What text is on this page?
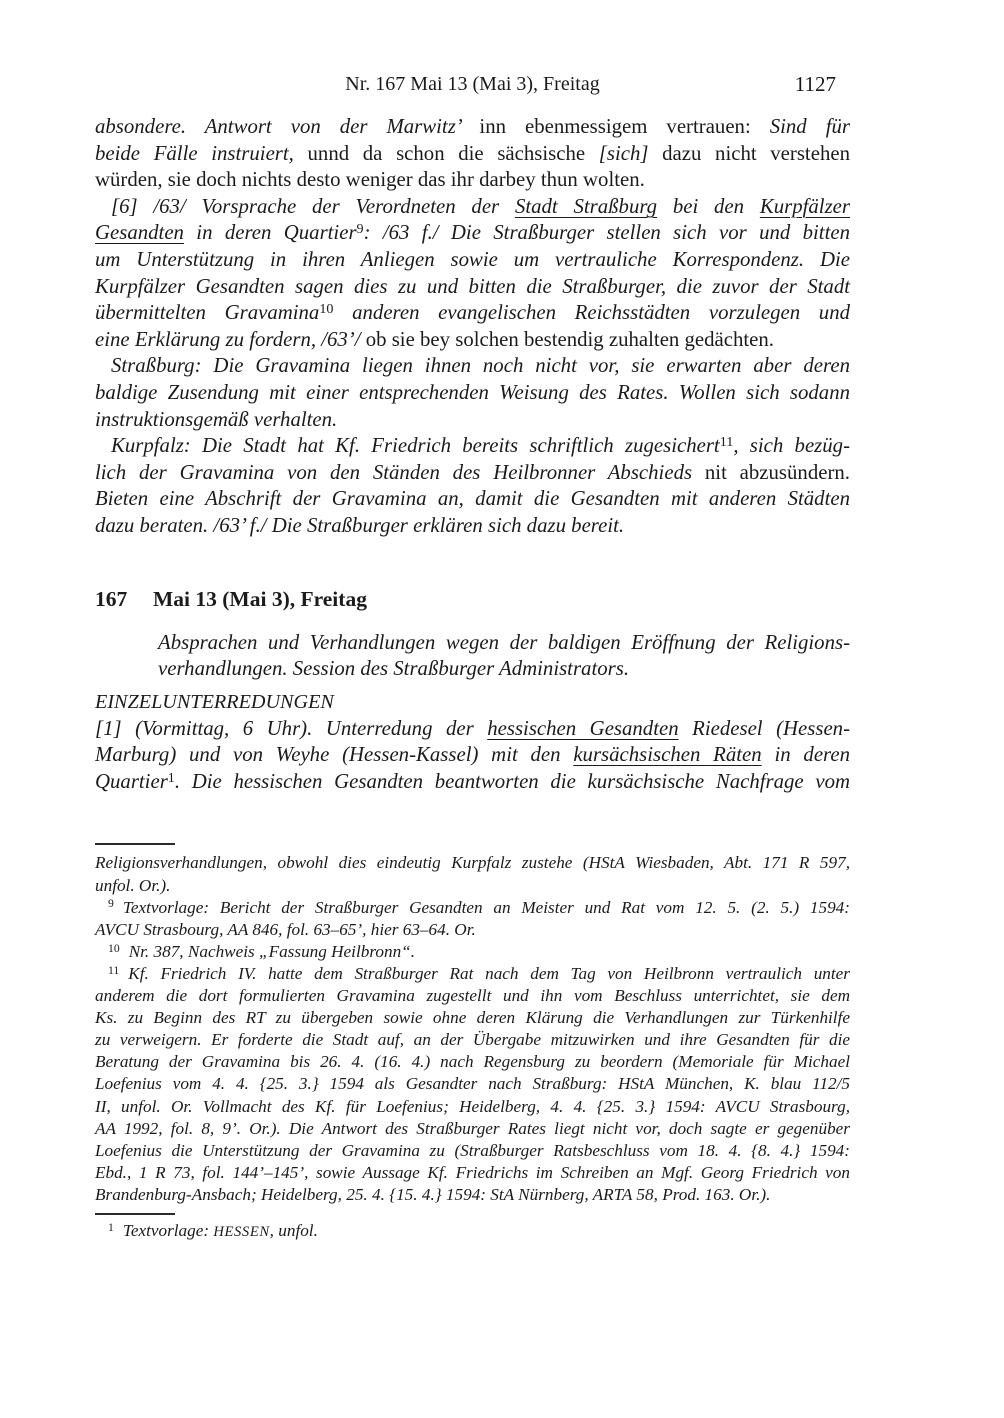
Nr. 167 Mai 13 (Mai 3), Freitag	1127
absondere. Antwort von der Marwitz’ inn ebenmessigem vertrauen: Sind für
beide Fälle instruiert, unnd da schon die sächsische [sich] dazu nicht verstehen
würden, sie doch nichts desto weniger das ihr darbey thun wolten.
[6] /63/ Vorsprache der Verordneten der Stadt Straßburg bei den Kurpfälzer
Gesandten in deren Quartier$^9$: /63 f./ Die Straßburger stellen sich vor und bitten
um Unterstützung in ihren Anliegen sowie um vertrauliche Korrespondenz. Die
Kurpfälzer Gesandten sagen dies zu und bitten die Straßburger, die zuvor der Stadt
übermittelten Gravamina$^{10}$ anderen evangelischen Reichsstädten vorzulegen und
eine Erklärung zu fordern, /63’/ ob sie bey solchen bestendig zuhalten gedächten.
Straßburg: Die Gravamina liegen ihnen noch nicht vor, sie erwarten aber deren
baldige Zusendung mit einer entsprechenden Weisung des Rates. Wollen sich sodann
instruktionsgemäß verhalten.
Kurpfalz: Die Stadt hat Kf. Friedrich bereits schriftlich zugesichert$^{11}$, sich bezüg-
lich der Gravamina von den Ständen des Heilbronner Abschieds nit abzusündern.
Bieten eine Abschrift der Gravamina an, damit die Gesandten mit anderen Städten
dazu beraten. /63’ f./ Die Straßburger erklären sich dazu bereit.
167 Mai 13 (Mai 3), Freitag
Absprachen und Verhandlungen wegen der baldigen Eröffnung der Religions-
verhandlungen. Session des Straßburger Administrators.
EINZELUNTERREDUNGEN
[1] (Vormittag, 6 Uhr). Unterredung der hessischen Gesandten Riedesel (Hessen-
Marburg) und von Weyhe (Hessen-Kassel) mit den kursächsischen Räten in deren
Quartier$^1$. Die hessischen Gesandten beantworten die kursächsische Nachfrage vom
Religionsverhandlungen, obwohl dies eindeutig Kurpfalz zustehe (HStA Wiesbaden, Abt. 171 R 597,
unfol. Or.).
$^9$ Textvorlage: Bericht der Straßburger Gesandten an Meister und Rat vom 12. 5. (2. 5.) 1594:
AVCU Strasbourg, AA 846, fol. 63–65’, hier 63–64. Or.
$^{10}$ Nr. 387, Nachweis „Fassung Heilbronn“.
$^{11}$ Kf. Friedrich IV. hatte dem Straßburger Rat nach dem Tag von Heilbronn vertraulich unter
anderem die dort formulierten Gravamina zugestellt und ihn vom Beschluss unterrichtet, sie dem
Ks. zu Beginn des RT zu übergeben sowie ohne deren Klärung die Verhandlungen zur Türkenhilfe
zu verweigern. Er forderte die Stadt auf, an der Übergabe mitzuwirken und ihre Gesandten für die
Beratung der Gravamina bis 26. 4. (16. 4.) nach Regensburg zu beordern (Memoriale für Michael
Loefenius vom 4. 4. {25. 3.} 1594 als Gesandter nach Straßburg: HStA München, K. blau 112/5
II, unfol. Or. Vollmacht des Kf. für Loefenius; Heidelberg, 4. 4. {25. 3.} 1594: AVCU Strasbourg,
AA 1992, fol. 8, 9’. Or.). Die Antwort des Straßburger Rates liegt nicht vor, doch sagte er gegenüber
Loefenius die Unterstützung der Gravamina zu (Straßburger Ratsbeschluss vom 18. 4. {8. 4.} 1594:
Ebd., 1 R 73, fol. 144’–145’, sowie Aussage Kf. Friedrichs im Schreiben an Mgf. Georg Friedrich von
Brandenburg-Ansbach; Heidelberg, 25. 4. {15. 4.} 1594: StA Nürnberg, ARTA 58, Prod. 163. Or.).
$^1$ Textvorlage: HESSEN, unfol.
